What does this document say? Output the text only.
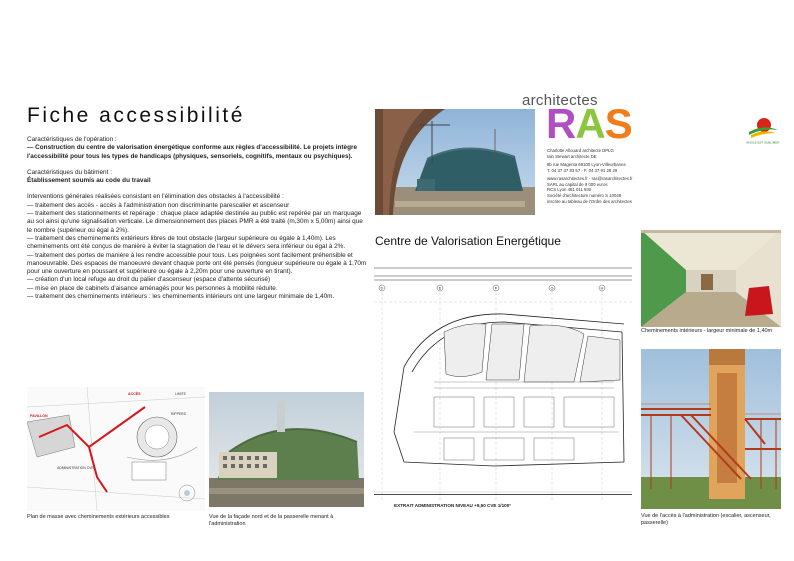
Fiche accessibilité

Caractéristiques de l'opération :

— Construction du centre de valorisation énergétique conforme aux règles d'accessibilité. Le projets intègre l'accessibilité pour tous les types de handicaps (physiques, sensoriels, cognitifs, mentaux ou psychiques).

Caractéristiques du bâtiment :

Établissement soumis au code du travail

Interventions générales réalisées consistant en l'élimination des obstacles à l'accessibilité :

— traitement des accès - accès à l'administration non discriminante parescalier et ascenseur

— traitement des stationnements et repérage : chaque place adaptée destinée au public est repérée par un marquage au sol ainsi qu'une signalisation verticale. Le dimensionnement des places PMR a été traité (m,30m x 5,00m) ainsi que le nombre (supérieur ou égal à 2%).

— traitement des cheminements extérieurs libres de tout obstacle (largeur supérieure ou égale à 1,40m). Les cheminements ont été conçus de manière à éviter la stagnation de l'eau et le dévers sera inférieur ou égal à 2%.

— traitement des portes de manière à les rendre accessible pour tous. Les poignées sont facilement préhensible et manoeuvrable. Des espaces de manoeuvre devant chaque porte ont été pensés (longueur supérieure ou égale à 1,70m pour une ouverture en poussant et supérieure ou égale à 2,20m pour une ouverture en tirant).

— création d'un local refuge au droit du palier d'ascenseur (espace d'attente sécurisé)

— mise en place de cabinets d'aisance aménagés pour les personnes à mobilité réduite.

— traitement des cheminements intérieurs : les cheminements intérieurs ont une largeur minimale de 1,40m.

architectes
RAS

Charlotte Allouard architecte DPLG

Iain Stewart architecte DE

8b rue Magenta 69100 Lyon-Villeurbanne

T. 04 37 37 83 57 · F. 04 37 91 28 29

www.rasarchitectes.fr · ras@rasarchitectes.fr

SARL au capital de 9 000 euros

RCS Lyon 481 011 930

Société d'architecture numéro S 10048

inscrite au tableau de l'Ordre des architectes

ENGLE EST SUBLIMER
Centre de Valorisation Energétique
D	E	F	G	H
EXTRAIT ADMINISTRATION NIVEAU +9,50 CVE 1/100°
Cheminements intérieurs - largeur minimale de 1,40m
Vue de l'accès à l'administration (escalier, ascenseur, passerelle)
PAVILLON
ACCÈS	LIMITE
RIPPERS
ADMINISTRATION CVE
Plan de masse avec cheminements extérieurs accessibles	Vue de la façade nord et de la passerelle menant à l'administration
